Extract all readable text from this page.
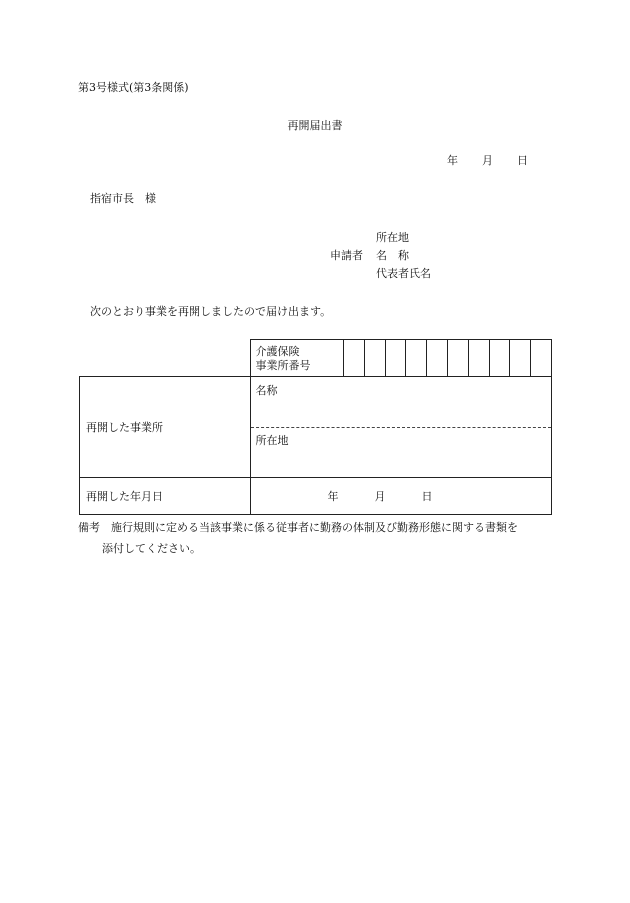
第3号様式(第3条関係)
再開届出書
年 月 日
指宿市長　様
所在地
申請者 名　称
代表者氏名
次のとおり事業を再開しましたので届け出ます。

	介護保険
事業所番号										

再開した事業所	名称
所在地										

再開した年月日	年 月 日										
備考　施行規則に定める当該事業に係る従事者に勤務の体制及び勤務形態に関する書類を
添付してください。
